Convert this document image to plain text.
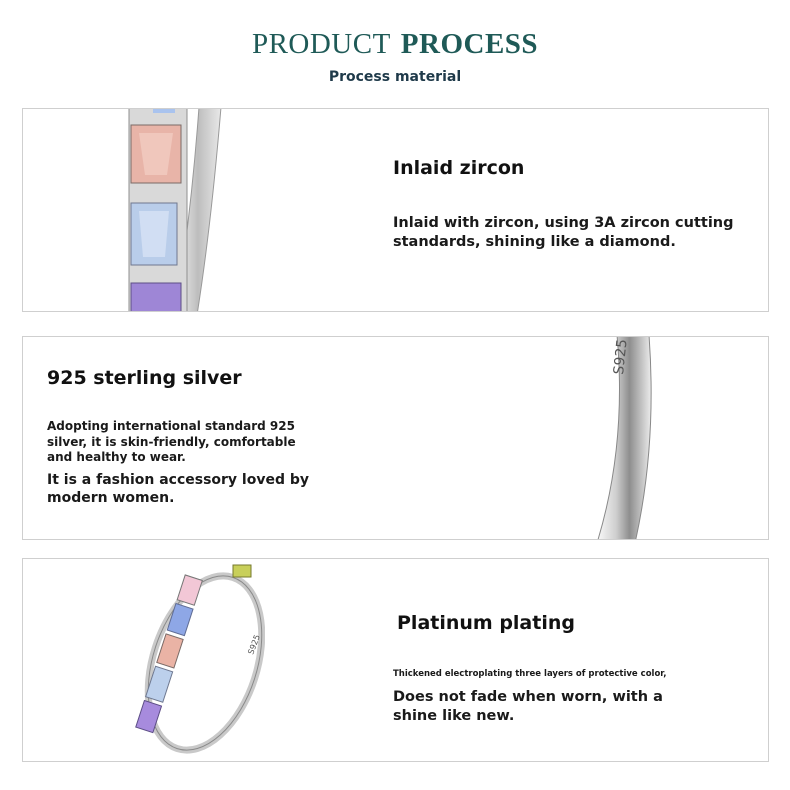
PRODUCT PROCESS
Process material
Inlaid zircon
Inlaid with zircon, using 3A zircon cutting standards, shining like a diamond.
925 sterling silver
Adopting international standard 925 silver, it is skin-friendly, comfortable and healthy to wear.
It is a fashion accessory loved by modern women.
S925
S925
Platinum plating
Thickened electroplating three layers of protective color,
Does not fade when worn, with a shine like new.
